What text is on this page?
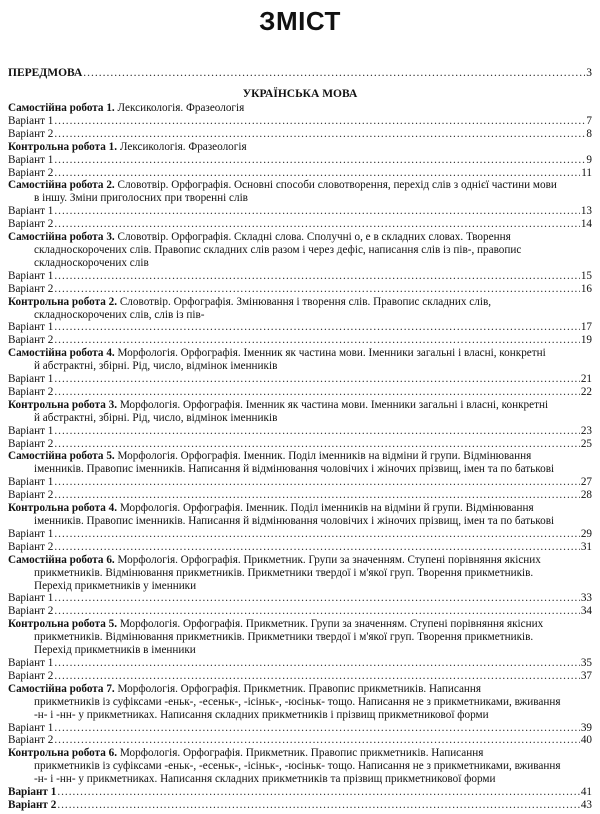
ЗМІСТ
ПЕРЕДМОВА .....	3
УКРАЇНСЬКА МОВА
Самостійна робота 1. Лексикологія. Фразеологія
Варіант 1 .....	7
Варіант 2 .....	8
Контрольна робота 1. Лексикологія. Фразеологія
Варіант 1 .....	9
Варіант 2 .....	11
Самостійна робота 2. Словотвір. Орфографія. Основні способи словотворення, перехід слів з однієї частини мови
в іншу. Зміни приголосних при творенні слів
Варіант 1 .....	13
Варіант 2 .....	14
Самостійна робота 3. Словотвір. Орфографія. Складні слова. Сполучні о, е в складних словах. Творення
складноскорочених слів. Правопис складних слів разом і через дефіс, написання слів із пів-, правопис
складноскорочених слів
Варіант 1 .....	15
Варіант 2 .....	16
Контрольна робота 2. Словотвір. Орфографія. Змінювання і творення слів. Правопис складних слів,
складноскорочених слів, слів із пів-
Варіант 1 .....	17
Варіант 2 .....	19
Самостійна робота 4. Морфологія. Орфографія. Іменник як частина мови. Іменники загальні і власні, конкретні
й абстрактні, збірні. Рід, число, відмінок іменників
Варіант 1 .....	21
Варіант 2 .....	22
Контрольна робота 3. Морфологія. Орфографія. Іменник як частина мови. Іменники загальні і власні, конкретні
й абстрактні, збірні. Рід, число, відмінок іменників
Варіант 1 .....	23
Варіант 2 .....	25
Самостійна робота 5. Морфологія. Орфографія. Іменник. Поділ іменників на відміни й групи. Відмінювання
іменників. Правопис іменників. Написання й відмінювання чоловічих і жіночих прізвищ, імен та по батькові
Варіант 1 .....	27
Варіант 2 .....	28
Контрольна робота 4. Морфологія. Орфографія. Іменник. Поділ іменників на відміни й групи. Відмінювання
іменників. Правопис іменників. Написання й відмінювання чоловічих і жіночих прізвищ, імен та по батькові
Варіант 1 .....	29
Варіант 2 .....	31
Самостійна робота 6. Морфологія. Орфографія. Прикметник. Групи за значенням. Ступені порівняння якісних
прикметників. Відмінювання прикметників. Прикметники твердої і м'якої груп. Творення прикметників.
Перехід прикметників у іменники
Варіант 1 .....	33
Варіант 2 .....	34
Контрольна робота 5. Морфологія. Орфографія. Прикметник. Групи за значенням. Ступені порівняння якісних
прикметників. Відмінювання прикметників. Прикметники твердої і м'якої груп. Творення прикметників.
Перехід прикметників в іменники
Варіант 1 .....	35
Варіант 2 .....	37
Самостійна робота 7. Морфологія. Орфографія. Прикметник. Правопис прикметників. Написання
прикметників із суфіксами -еньк-, -есеньк-, -ісіньк-, -юсіньк- тощо. Написання не з прикметниками, вживання
-н- і -нн- у прикметниках. Написання складних прикметників і прізвищ прикметникової форми
Варіант 1 .....	39
Варіант 2 .....	40
Контрольна робота 6. Морфологія. Орфографія. Прикметник. Правопис прикметників. Написання
прикметників із суфіксами -еньк-, -есеньк-, -ісіньк-, -юсіньк- тощо. Написання не з прикметниками, вживання
-н- і -нн- у прикметниках. Написання складних прикметників та прізвищ прикметникової форми
Варіант 1 .....	41
Варіант 2 .....	43
